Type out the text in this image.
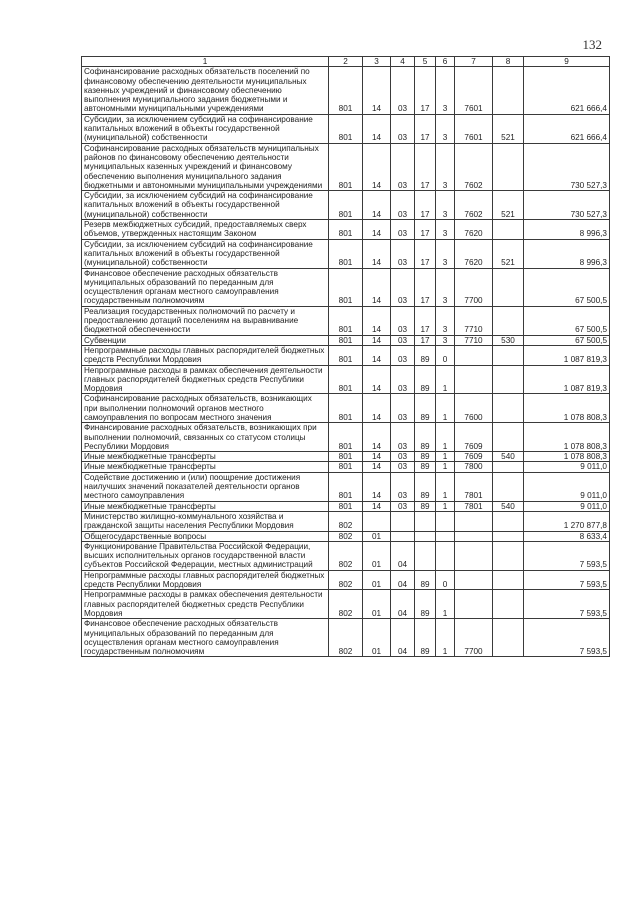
132
1	2	3	4	5	6	7	8	9
Софинансирование расходных обязательств поселений по финансовому обеспечению деятельности муниципальных казенных учреждений и финансовому обеспечению выполнения муниципального задания бюджетными и автономными муниципальными учреждениями	801	14	03	17	3	7601		621 666,4
Субсидии, за исключением субсидий на софинансирование капитальных вложений в объекты государственной (муниципальной) собственности	801	14	03	17	3	7601	521	621 666,4
Софинансирование расходных обязательств муниципальных районов по финансовому обеспечению деятельности муниципальных казенных учреждений и финансовому обеспечению выполнения муниципального задания бюджетными и автономными муниципальными учреждениями	801	14	03	17	3	7602		730 527,3
Субсидии, за исключением субсидий на софинансирование капитальных вложений в объекты государственной (муниципальной) собственности	801	14	03	17	3	7602	521	730 527,3
Резерв межбюджетных субсидий, предоставляемых сверх объемов, утвержденных настоящим Законом	801	14	03	17	3	7620		8 996,3
Субсидии, за исключением субсидий на софинансирование капитальных вложений в объекты государственной (муниципальной) собственности	801	14	03	17	3	7620	521	8 996,3
Финансовое обеспечение расходных обязательств муниципальных образований по переданным для осуществления органам местного самоуправления государственным полномочиям	801	14	03	17	3	7700		67 500,5
Реализация государственных полномочий по расчету и предоставлению дотаций поселениям на выравнивание бюджетной обеспеченности	801	14	03	17	3	7710		67 500,5
Субвенции	801	14	03	17	3	7710	530	67 500,5
Непрограммные расходы главных распорядителей бюджетных средств Республики Мордовия	801	14	03	89	0			1 087 819,3
Непрограммные расходы в рамках обеспечения деятельности главных распорядителей бюджетных средств Республики Мордовия	801	14	03	89	1			1 087 819,3
Софинансирование расходных обязательств, возникающих при выполнении полномочий органов местного самоуправления по вопросам местного значения	801	14	03	89	1	7600		1 078 808,3
Финансирование расходных обязательств, возникающих при выполнении полномочий, связанных со статусом столицы Республики Мордовия	801	14	03	89	1	7609		1 078 808,3
Иные межбюджетные трансферты	801	14	03	89	1	7609	540	1 078 808,3
Иные межбюджетные трансферты	801	14	03	89	1	7800		9 011,0
Содействие достижению и (или) поощрение достижения наилучших значений показателей деятельности органов местного самоуправления	801	14	03	89	1	7801		9 011,0
Иные межбюджетные трансферты	801	14	03	89	1	7801	540	9 011,0
Министерство жилищно-коммунального хозяйства и гражданской защиты населения Республики Мордовия	802							1 270 877,8
Общегосударственные вопросы	802	01						8 633,4
Функционирование Правительства Российской Федерации, высших исполнительных органов государственной власти субъектов Российской Федерации, местных администраций	802	01	04					7 593,5
Непрограммные расходы главных распорядителей бюджетных средств Республики Мордовия	802	01	04	89	0			7 593,5
Непрограммные расходы в рамках обеспечения деятельности главных распорядителей бюджетных средств Республики Мордовия	802	01	04	89	1			7 593,5
Финансовое обеспечение расходных обязательств муниципальных образований по переданным для осуществления органам местного самоуправления государственным полномочиям	802	01	04	89	1	7700		7 593,5
